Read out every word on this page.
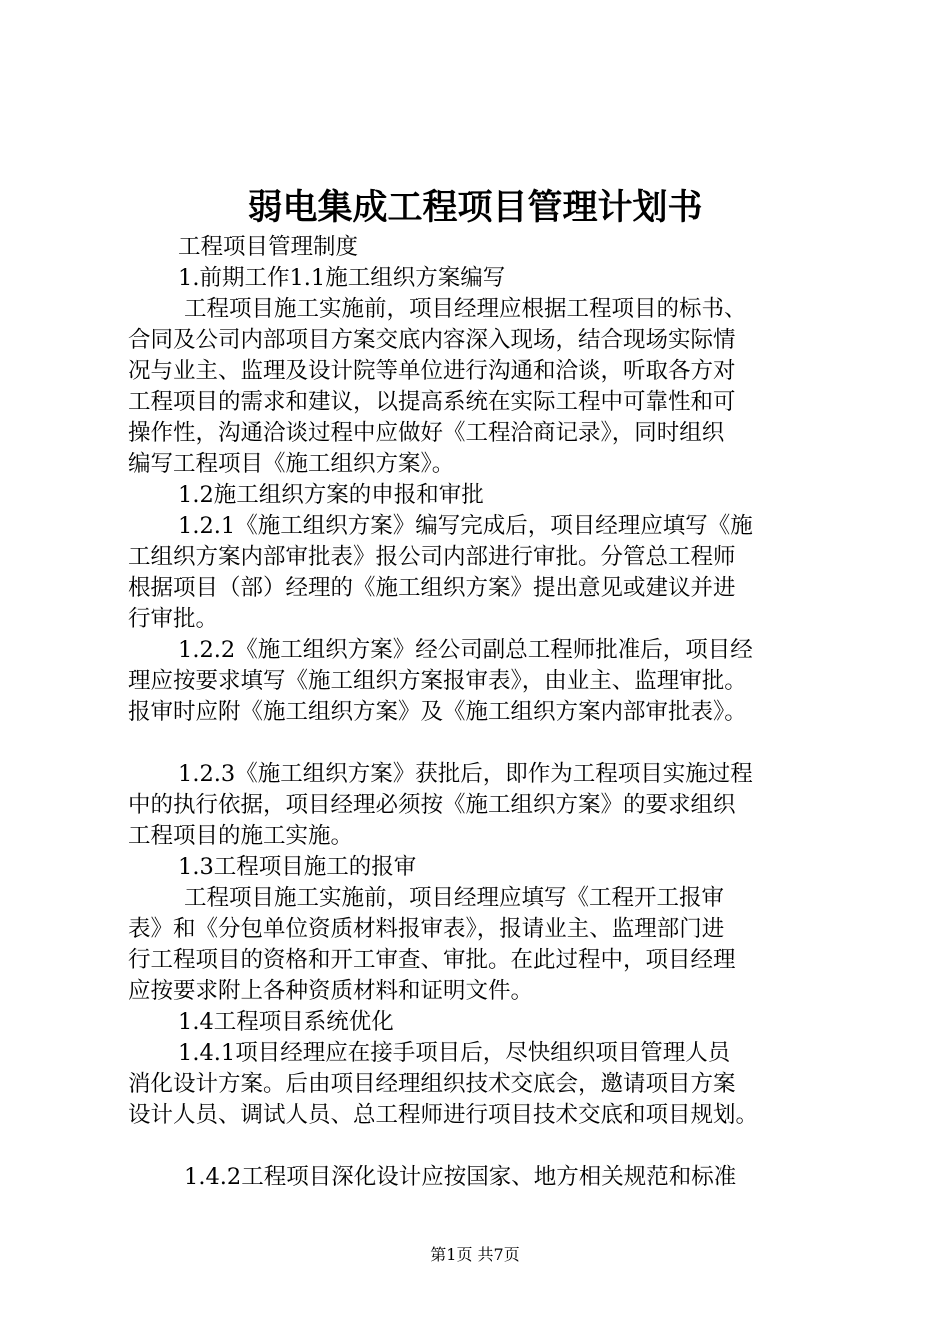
弱电集成工程项目管理计划书
工程项目管理制度
1.前期工作1.1施工组织方案编写
工程项目施工实施前，项目经理应根据工程项目的标书、
合同及公司内部项目方案交底内容深入现场，结合现场实际情
况与业主、监理及设计院等单位进行沟通和洽谈，听取各方对
工程项目的需求和建议，以提高系统在实际工程中可靠性和可
操作性，沟通洽谈过程中应做好《工程洽商记录》，同时组织
编写工程项目《施工组织方案》。
1.2施工组织方案的申报和审批
1.2.1《施工组织方案》编写完成后，项目经理应填写《施
工组织方案内部审批表》报公司内部进行审批。分管总工程师
根据项目（部）经理的《施工组织方案》提出意见或建议并进
行审批。
1.2.2《施工组织方案》经公司副总工程师批准后，项目经
理应按要求填写《施工组织方案报审表》，由业主、监理审批。
报审时应附《施工组织方案》及《施工组织方案内部审批表》。
1.2.3《施工组织方案》获批后，即作为工程项目实施过程
中的执行依据，项目经理必须按《施工组织方案》的要求组织
工程项目的施工实施。
1.3工程项目施工的报审
工程项目施工实施前，项目经理应填写《工程开工报审
表》和《分包单位资质材料报审表》，报请业主、监理部门进
行工程项目的资格和开工审查、审批。在此过程中，项目经理
应按要求附上各种资质材料和证明文件。
1.4工程项目系统优化
1.4.1项目经理应在接手项目后，尽快组织项目管理人员
消化设计方案。后由项目经理组织技术交底会，邀请项目方案
设计人员、调试人员、总工程师进行项目技术交底和项目规划。
1.4.2工程项目深化设计应按国家、地方相关规范和标准
第1页 共7页
